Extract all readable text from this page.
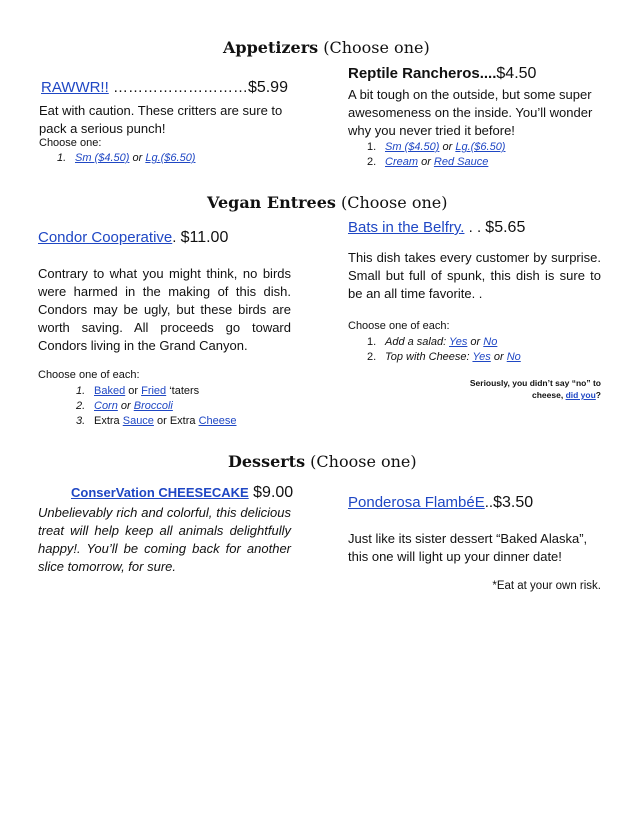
Appetizers (Choose one)
RAWWR!! ………………………$5.99
Eat with caution. These critters are sure to pack a serious punch!
Choose one:
1. Sm ($4.50) or Lg.($6.50)
Reptile Rancheros....$4.50
A bit tough on the outside, but some super awesomeness on the inside. You’ll wonder why you never tried it before!
1. Sm ($4.50) or Lg.($6.50)
2. Cream or Red Sauce
Vegan Entrees (Choose one)
Condor Cooperative. $11.00
Contrary to what you might think, no birds were harmed in the making of this dish. Condors may be ugly, but these birds are worth saving. All proceeds go toward Condors living in the Grand Canyon.
Choose one of each:
1. Baked or Fried ‘taters
2. Corn or Broccoli
3. Extra Sauce or Extra Cheese
Bats in the Belfry. . . $5.65
This dish takes every customer by surprise. Small but full of spunk, this dish is sure to be an all time favorite. .
Choose one of each:
1. Add a salad: Yes or No
2. Top with Cheese: Yes or No
Seriously, you didn’t say “no” to
cheese, did you?
Desserts (Choose one)
ConserVation CHEESECAKE $9.00
Unbelievably rich and colorful, this delicious treat will help keep all animals delightfully happy!. You’ll be coming back for another slice tomorrow, for sure.
Ponderosa FlambéE..$3.50
Just like its sister dessert “Baked Alaska”, this one will light up your dinner date!
*Eat at your own risk.
